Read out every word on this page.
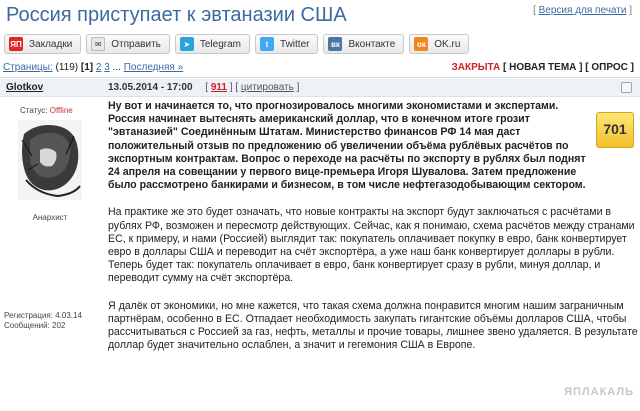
Россия приступает к эвтаназии США	[ Версия для печати ]
ЯП Закладки	✉ Отправить	➤ Telegram	t	Twitter	вк Вконтакте	ок OK.ru
Страницы: (119) [1] 2 3 ... Последняя »	ЗАКРЫТА [ НОВАЯ ТЕМА ] [ ОПРОС ]
Glotkov	13.05.2014 - 17:00 [ 911 ] [ цитировать ]
Статус: Offline
Анархист
Регистрация: 4.03.14
Сообщений: 202
701

Ну вот и начинается то, что прогнозировалось многими экономистами и экспертами. Россия начинает вытеснять американский доллар, что в конечном итоге грозит "эвтаназией" Соединённым Штатам. Министерство финансов РФ 14 мая даст положительный отзыв по предложению об увеличении объёма рублёвых расчётов по экспортным контрактам. Вопрос о переходе на расчёты по экспорту в рублях был поднят 24 апреля на совещании у первого вице-премьера Игоря Шувалова. Затем предложение было рассмотрено банкирами и бизнесом, в том числе нефтегазодобывающим сектором.

На практике же это будет означать, что новые контракты на экспорт будут заключаться с расчётами в рублях РФ, возможен и пересмотр действующих. Сейчас, как я понимаю, схема расчётов между странами ЕС, к примеру, и нами (Россией) выглядит так: покупатель оплачивает покупку в евро, банк конвертирует евро в доллары США и переводит на счёт экспортёра, а уже наш банк конвертирует доллары в рубли. Теперь будет так: покупатель оплачивает в евро, банк конвертирует сразу в рубли, минуя доллар, и переводит сумму на счёт экспортёра.

Я далёк от экономики, но мне кажется, что такая схема должна понравится многим нашим заграничным партнёрам, особенно в ЕС. Отпадает необходимость закупать гигантские объёмы долларов США, чтобы рассчитываться с Россией за газ, нефть, металлы и прочие товары, лишнее звено удаляется. В результате доллар будет значительно ослаблен, а значит и гегемония США в Европе.

ЯПЛАКАЛЬ
